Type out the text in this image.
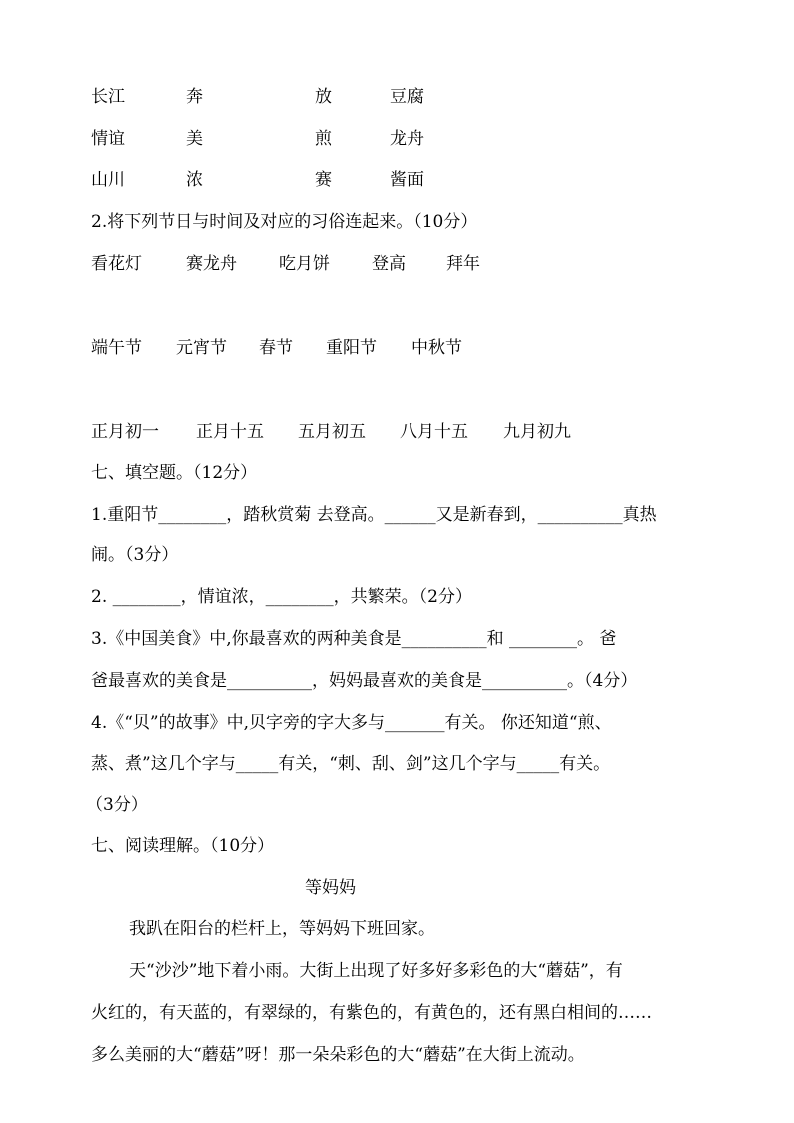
长江	奔	放	豆腐
情谊	美	煎	龙舟
山川	浓	赛	酱面
2.将下列节日与时间及对应的习俗连起来。（10分）
看花灯	赛龙舟 吃月饼 登高 拜年
端午节 元宵节 春节 重阳节 中秋节
正月初一 正月十五 五月初五 八月十五 九月初九
七、填空题。（12分）
1.重阳节________，踏秋赏菊 去登高。______又是新春到，__________真热
闹。（3分）
2. ________，情谊浓，________，共繁荣。（2分）
3.《中国美食》中,你最喜欢的两种美食是__________和 ________。 爸
爸最喜欢的美食是__________，妈妈最喜欢的美食是__________。（4分）
4.《“贝”的故事》中,贝字旁的字大多与_______有关。 你还知道“煎、
蒸、煮”这几个字与_____有关，“刺、刮、剑”这几个字与_____有关。
（3分）
七、阅读理解。（10分）
等妈妈
我趴在阳台的栏杆上，等妈妈下班回家。
天“沙沙”地下着小雨。大街上出现了好多好多彩色的大“蘑菇”，有
火红的，有天蓝的，有翠绿的，有紫色的，有黄色的，还有黑白相间的……
多么美丽的大“蘑菇”呀！那一朵朵彩色的大“蘑菇”在大街上流动。
